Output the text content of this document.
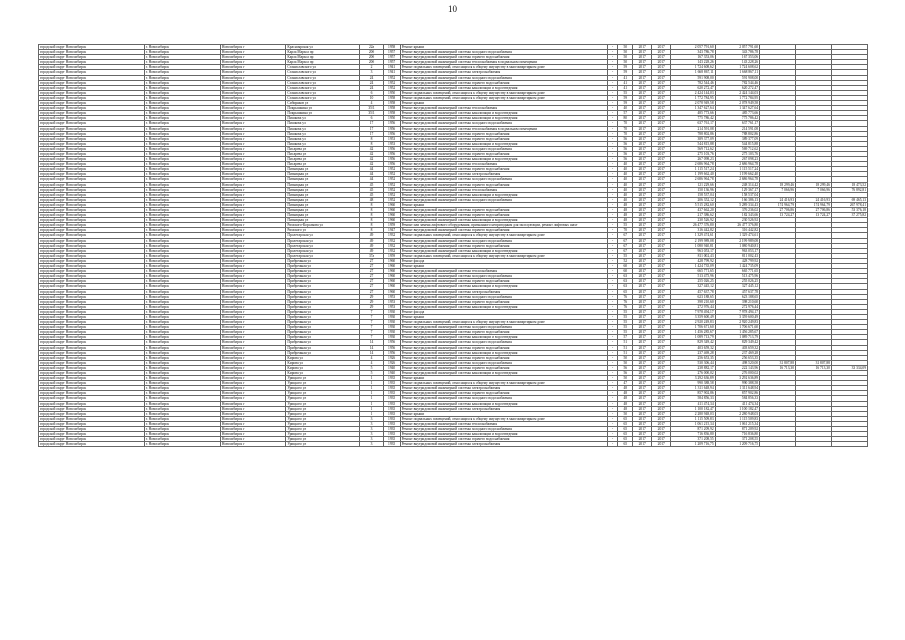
10
городской округ Новосибирск	г. Новосибирск	Новосибирск г	Красноярская ул	22а	1958	Ремонт крыши	-	50	2017	2017	2 057 791,60	2 057 791,60			
городской округ Новосибирск	г. Новосибирск	Новосибирск г	Карла Маркса пр	20б	1957	Ремонт внутридомовой инженерной системы холодного водоснабжения	-	50	2017	2017	343 786,78	343 786,78			
городской округ Новосибирск	г. Новосибирск	Новосибирск г	Карла Маркса пр	20б	1957	Ремонт внутридомовой инженерной системы горячего водоснабжения	-	50	2017	2017	167 353,06	167 353,06			
городской округ Новосибирск	г. Новосибирск	Новосибирск г	Карла Маркса пр	20б	1957	Ремонт внутридомовой инженерной системы теплоснабжения в подвальном помещении	-	50	2017	2017	143 228,26	143 228,26			
городской округ Новосибирск	г. Новосибирск	Новосибирск г	Станиславского ул	2	1941	Ремонт подвальных помещений, относящихся к общему имуществу в многоквартирном доме	-	59	2017	2017	1 724 608,62	1 724 608,62			
городской округ Новосибирск	г. Новосибирск	Новосибирск г	Станиславского ул	3	1941	Ремонт внутридомовой инженерной системы электроснабжения	-	59	2017	2017	1 668 867,11	1 668 867,11			
городской округ Новосибирск	г. Новосибирск	Новосибирск г	Станиславского ул	24	1952	Ремонт внутридомовой инженерной системы холодного водоснабжения	-	41	2017	2017	591 908,00	591 908,00			
городской округ Новосибирск	г. Новосибирск	Новосибирск г	Станиславского ул	24	1952	Ремонт внутридомовой инженерной системы горячего водоснабжения	-	41	2017	2017	782 544,46	782 544,46			
городской округ Новосибирск	г. Новосибирск	Новосибирск г	Станиславского ул	24	1952	Ремонт внутридомовой инженерной системы канализации и водоотведения	-	41	2017	2017	620 272,47	620 272,47			
городской округ Новосибирск	г. Новосибирск	Новосибирск г	Станиславского ул	6	1950	Ремонт подвальных помещений, относящихся к общему имуществу в многоквартирном доме	-	55	2017	2017	2 424 144,03	2 424 144,03			
городской округ Новосибирск	г. Новосибирск	Новосибирск г	Станиславского ул	10	1958	Ремонт подвальных помещений, относящихся к общему имуществу в многоквартирном доме	-	59	2017	2017	1 772 784,95	1 772 784,95			
городской округ Новосибирск	г. Новосибирск	Новосибирск г	Сибиряков ул	4	1958	Ремонт крыши	-	59	2017	2017	2 078 949,58	2 078 949,58			
городской округ Новосибирск	г. Новосибирск	Новосибирск г	Покрышкина ул	35/1	1958	Ремонт внутридомовой инженерной системы теплоснабжения	-	40	2017	2017	1 347 627,64	1 347 627,64			
городской округ Новосибирск	г. Новосибирск	Новосибирск г	Покрышкина ул	35/1	1958	Ремонт внутридомовой инженерной системы канализации и водоотведения	-	57	2017	2017	485 773,66	485 773,66			
городской округ Новосибирск	г. Новосибирск	Новосибирск г	Пишкова ул	6	1950	Ремонт внутридомовой инженерной системы канализации и водоотведения	-	80	2017	2017	775 786,42	775 786,42			
городской округ Новосибирск	г. Новосибирск	Новосибирск г	Пишкова ул	17	1956	Ремонт внутридомовой инженерной системы холодного водоснабжения	-	70	2017	2017	637 761,17	637 761,17			
городской округ Новосибирск	г. Новосибирск	Новосибирск г	Пишкова ул	17	1956	Ремонт внутридомовой инженерной системы теплоснабжения в подвальном помещении	-	70	2017	2017	214 591,08	214 591,08			
городской округ Новосибирск	г. Новосибирск	Новосибирск г	Пишкова ул	17	1956	Ремонт внутридомовой инженерной системы горячего водоснабжения	-	70	2017	2017	788 802,86	788 802,86			
городской округ Новосибирск	г. Новосибирск	Новосибирск г	Пишкова ул	8	1953	Ремонт внутридомовой инженерной системы горячего водоснабжения	-	56	2017	2017	389 377,09	389 377,09			
городской округ Новосибирск	г. Новосибирск	Новосибирск г	Пишкова ул	8	1953	Ремонт внутридомовой инженерной системы канализации и водоотведения	-	56	2017	2017	544 815,88	544 815,88			
городской округ Новосибирск	г. Новосибирск	Новосибирск г	Писарева ул	42	1956	Ремонт внутридомовой инженерной системы холодного водоснабжения	-	56	2017	2017	569 712,62	569 712,62			
городской округ Новосибирск	г. Новосибирск	Новосибирск г	Писарева ул	42	1956	Ремонт внутридомовой инженерной системы горячего водоснабжения	-	56	2017	2017	275 103,76	275 103,76			
городской округ Новосибирск	г. Новосибирск	Новосибирск г	Писарева ул	42	1956	Ремонт внутридомовой инженерной системы канализации и водоотведения	-	56	2017	2017	267 098,23	267 098,23			
городской округ Новосибирск	г. Новосибирск	Новосибирск г	Писарева ул	42	1956	Ремонт внутридомовой инженерной системы теплоснабжения	-	40	2017	2017	2 686 964,78	2 686 964,78			
городской округ Новосибирск	г. Новосибирск	Новосибирск г	Пятницкая ул	44	1952	Ремонт внутридомовой инженерной системы горячего водоснабжения	-	40	2017	2017	1 115 517,24	1 115 517,24			
городской округ Новосибирск	г. Новосибирск	Новосибирск г	Пятницкая ул	44	1952	Ремонт внутридомовой инженерной системы электроснабжения	-	40	2017	2017	1 199 662,40	1 199 662,40			
городской округ Новосибирск	г. Новосибирск	Новосибирск г	Пятницкая ул	44	1952	Ремонт внутридомовой инженерной системы холодного водоснабжения	-	40	2017	2017	2 686 964,78	2 686 964,78			
городской округ Новосибирск	г. Новосибирск	Новосибирск г	Пятницкая ул	45	1952	Ремонт внутридомовой инженерной системы горячего водоснабжения	-	40	2017	2017	121 229,66	248 314,42	18 299,46	18 299,46	18 473,52
городской округ Новосибирск	г. Новосибирск	Новосибирск г	Пятницкая ул	45	1952	Ремонт внутридомовой инженерной системы теплоснабжения	-	40	2017	2017	150 136,96	129 367,17	7 066,96	7 066,96	76 892,81
городской округ Новосибирск	г. Новосибирск	Новосибирск г	Пятницкая ул	45	1952	Ремонт внутридомовой инженерной системы канализации и водоотведения	-	40	2017	2017	158 537,04	158 537,04			
городской округ Новосибирск	г. Новосибирск	Новосибирск г	Пятницкая ул	48	1952	Ремонт внутридомовой инженерной системы холодного водоснабжения	-	40	2017	2017	206 352,12	166 386,13	24 416,93	24 416,93	69 465,13
городской округ Новосибирск	г. Новосибирск	Новосибирск г	Пятницкая ул	8	1960	Ремонт крыши	-	48	2017	2017	5 515 282,60	5 289 334,43	174 964,79	174 964,79	267 978,41
городской округ Новосибирск	г. Новосибирск	Новосибирск г	Пятницкая ул	8	1960	Ремонт внутридомовой инженерной системы горячего водоснабжения	-	48	2017	2017	437 662,20	376 236,02	27 706,86	27 706,86	53 376,18
городской округ Новосибирск	г. Новосибирск	Новосибирск г	Пятницкая ул	8	1960	Ремонт внутридомовой инженерной системы горячего водоснабжения	-	48	2017	2017	217 386,62	182 343,66	13 724,27	13 724,27	37 275,82
городской округ Новосибирск	г. Новосибирск	Новосибирск г	Пятницкая ул	8	1960	Ремонт внутридомовой инженерной системы канализации и водоотведения	-	48	2017	2017	230 526,92	230 526,92			
городской округ Новосибирск	г. Новосибирск	Новосибирск г	Римского-Корсакова ул	8	1959	Ремонт или замена лифтового оборудования, признанного непригодным для эксплуатации, ремонт лифтовых шахт	-	55	2017	2017	26 477 376,80	26 477 376,80			
городской округ Новосибирск	г. Новосибирск	Новосибирск г	Римского ул	8	1947	Ремонт внутридомовой инженерной системы горячего водоснабжения	-	70	2017	2017	316 442,82	316 442,82			
городской округ Новосибирск	г. Новосибирск	Новосибирск г	Пролетарская ул	49	1932	Ремонт подвальных помещений, относящихся к общему имуществу в многоквартирном доме	-	67	2017	2017	1 329 474,61	1 329 474,61			
городской округ Новосибирск	г. Новосибирск	Новосибирск г	Пролетарская ул	49	1932	Ремонт внутридомовой инженерной системы холодного водоснабжения	-	67	2017	2017	2 199 989,08	2 199 989,08			
городской округ Новосибирск	г. Новосибирск	Новосибирск г	Пролетарская ул	49	1932	Ремонт внутридомовой инженерной системы горячего водоснабжения	-	67	2017	2017	1 080 940,81	1 080 940,81			
городской округ Новосибирск	г. Новосибирск	Новосибирск г	Пролетарская ул	49	1932	Ремонт внутридомовой инженерной системы канализации и водоотведения	-	67	2017	2017	963 053,17	963 053,17			
городской округ Новосибирск	г. Новосибирск	Новосибирск г	Пролетарская ул	37а	1959	Ремонт подвальных помещений, относящихся к общему имуществу в многоквартирном доме	-	55	2017	2017	811 002,43	811 002,43			
городской округ Новосибирск	г. Новосибирск	Новосибирск г	Прибрежная ул	27	1960	Ремонт фасада	-	52	2017	2017	428 799,92	428 799,92			
городской округ Новосибирск	г. Новосибирск	Новосибирск г	Прибрежная ул	27	1960	Ремонт крыши	-	60	2017	2017	1 424 735,09	1 424 735,09			
городской округ Новосибирск	г. Новосибирск	Новосибирск г	Прибрежная ул	27	1960	Ремонт внутридомовой инженерной системы теплоснабжения	-	60	2017	2017	665 771,65	665 771,65			
городской округ Новосибирск	г. Новосибирск	Новосибирск г	Прибрежная ул	27	1960	Ремонт внутридомовой инженерной системы холодного водоснабжения	-	63	2017	2017	513 475,96	513 475,96			
городской округ Новосибирск	г. Новосибирск	Новосибирск г	Прибрежная ул	27	1960	Ремонт внутридомовой инженерной системы горячего водоснабжения	-	63	2017	2017	255 026,25	255 026,25			
городской округ Новосибирск	г. Новосибирск	Новосибирск г	Прибрежная ул	27	1960	Ремонт внутридомовой инженерной системы канализации и водоотведения	-	63	2017	2017	327 445,12	327 445,12			
городской округ Новосибирск	г. Новосибирск	Новосибирск г	Прибрежная ул	27	1960	Ремонт внутридомовой инженерной системы электроснабжения	-	65	2017	2017	457 637,78	457 637,78			
городской округ Новосибирск	г. Новосибирск	Новосибирск г	Прибрежная ул	29	1953	Ремонт внутридомовой инженерной системы холодного водоснабжения	-	76	2017	2017	623 188,65	623 188,65			
городской округ Новосибирск	г. Новосибирск	Новосибирск г	Прибрежная ул	29	1953	Ремонт внутридомовой инженерной системы горячего водоснабжения	-	76	2017	2017	398 210,60	398 210,60			
городской округ Новосибирск	г. Новосибирск	Новосибирск г	Прибрежная ул	29	1953	Ремонт внутридомовой инженерной системы канализации и водоотведения	-	76	2017	2017	272 976,44	272 976,44			
городской округ Новосибирск	г. Новосибирск	Новосибирск г	Прибрежная ул	7	1930	Ремонт фасада	-	55	2017	2017	7 978 494,17	7 978 494,17			
городской округ Новосибирск	г. Новосибирск	Новосибирск г	Прибрежная ул	7	1930	Ремонт крыши	-	55	2017	2017	3 359 600,49	3 359 600,49			
городской округ Новосибирск	г. Новосибирск	Новосибирск г	Прибрежная ул	7	1930	Ремонт подвальных помещений, относящихся к общему имуществу в многоквартирном доме	-	55	2017	2017	2 920 249,83	2 920 249,83			
городской округ Новосибирск	г. Новосибирск	Новосибирск г	Прибрежная ул	7	1930	Ремонт внутридомовой инженерной системы холодного водоснабжения	-	55	2017	2017	1 706 671,60	1 706 671,60			
городской округ Новосибирск	г. Новосибирск	Новосибирск г	Прибрежная ул	7	1930	Ремонт внутридомовой инженерной системы горячего водоснабжения	-	55	2017	2017	1 456 285,67	1 456 285,67			
городской округ Новосибирск	г. Новосибирск	Новосибирск г	Прибрежная ул	7	1930	Ремонт внутридомовой инженерной системы канализации и водоотведения	-	57	2017	2017	1 089 713,79	1 089 713,79			
городской округ Новосибирск	г. Новосибирск	Новосибирск г	Прибрежная ул	14	1956	Ремонт внутридомовой инженерной системы холодного водоснабжения	-	51	2017	2017	829 349,42	829 349,42			
городской округ Новосибирск	г. Новосибирск	Новосибирск г	Прибрежная ул	14	1956	Ремонт внутридомовой инженерной системы горячего водоснабжения	-	51	2017	2017	403 659,32	403 659,32			
городской округ Новосибирск	г. Новосибирск	Новосибирск г	Прибрежная ул	14	1956	Ремонт внутридомовой инженерной системы канализации и водоотведения	-	51	2017	2017	237 469,28	237 469,28			
городской округ Новосибирск	г. Новосибирск	Новосибирск г	Кирова ул	4	1926	Ремонт внутридомовой инженерной системы горячего водоснабжения	-	50	2017	2017	256 653,35	256 653,35			
городской округ Новосибирск	г. Новосибирск	Новосибирск г	Кирова ул	4	1926	Ремонт внутридомовой инженерной системы холодного водоснабжения	-	50	2017	2017	530 306,44	498 520,00	31 807,88	31 807,88	
городской округ Новосибирск	г. Новосибирск	Новосибирск г	Кирова ул	5	1940	Ремонт внутридомовой инженерной системы горячего водоснабжения	-	56	2017	2017	238 882,17	222 143,96	16 713,30	16 713,30	33 334,09
городской округ Новосибирск	г. Новосибирск	Новосибирск г	Кирова ул	5	1940	Ремонт внутридомовой инженерной системы канализации и водоотведения	-	56	2017	2017	276 000,02	276 000,02			
городской округ Новосибирск	г. Новосибирск	Новосибирск г	Урицкого ул	1	1935	Ремонт крыши	-	50	2017	2017	3 292 636,89	3 292 636,89			
городской округ Новосибирск	г. Новосибирск	Новосибирск г	Урицкого ул	1	1935	Ремонт подвальных помещений, относящихся к общему имуществу в многоквартирном доме	-	47	2017	2017	990 388,58	990 388,58			
городской округ Новосибирск	г. Новосибирск	Новосибирск г	Урицкого ул	1	1935	Ремонт внутридомовой инженерной системы электроснабжения	-	48	2017	2017	1 311 648,94	1 311 648,94			
городской округ Новосибирск	г. Новосибирск	Новосибирск г	Урицкого ул	1	1935	Ремонт внутридомовой инженерной системы горячего водоснабжения	-	48	2017	2017	857 902,86	857 902,86			
городской округ Новосибирск	г. Новосибирск	Новосибирск г	Урицкого ул	1	1935	Ремонт внутридомовой инженерной системы холодного водоснабжения	-	48	2017	2017	584 856,33	584 856,33			
городской округ Новосибирск	г. Новосибирск	Новосибирск г	Урицкого ул	1	1935	Ремонт внутридомовой инженерной системы канализации и водоотведения	-	48	2017	2017	411 474,34	411 474,34			
городской округ Новосибирск	г. Новосибирск	Новосибирск г	Урицкого ул	1	1935	Ремонт внутридомовой инженерной системы электроснабжения	-	48	2017	2017	1 100 182,47	1 100 182,47			
городской округ Новосибирск	г. Новосибирск	Новосибирск г	Урицкого ул	1	1935	Ремонт крыши	-	50	2017	2017	2 280 948,03	2 280 948,03			
городской округ Новосибирск	г. Новосибирск	Новосибирск г	Урицкого ул	3	1935	Ремонт подвальных помещений, относящихся к общему имуществу в многоквартирном доме	-	65	2017	2017	1 115 509,83	1 115 509,83			
городской округ Новосибирск	г. Новосибирск	Новосибирск г	Урицкого ул	3	1935	Ремонт внутридомовой инженерной системы теплоснабжения	-	65	2017	2017	1 061 215,34	1 061 215,34			
городской округ Новосибирск	г. Новосибирск	Новосибирск г	Урицкого ул	3	1935	Ремонт внутридомовой инженерной системы холодного водоснабжения	-	65	2017	2017	871 209,92	871 209,92			
городской округ Новосибирск	г. Новосибирск	Новосибирск г	Урицкого ул	3	1935	Ремонт внутридомовой инженерной системы канализации и водоотведения	-	65	2017	2017	716 836,80	716 836,80			
городской округ Новосибирск	г. Новосибирск	Новосибирск г	Урицкого ул	3	1935	Ремонт внутридомовой инженерной системы горячего водоснабжения	-	65	2017	2017	371 208,55	371 208,55			
городской округ Новосибирск	г. Новосибирск	Новосибирск г	Урицкого ул	3	1935	Ремонт внутридомовой инженерной системы электроснабжения	-	65	2017	2017	1 209 716,75	1 209 716,75			
